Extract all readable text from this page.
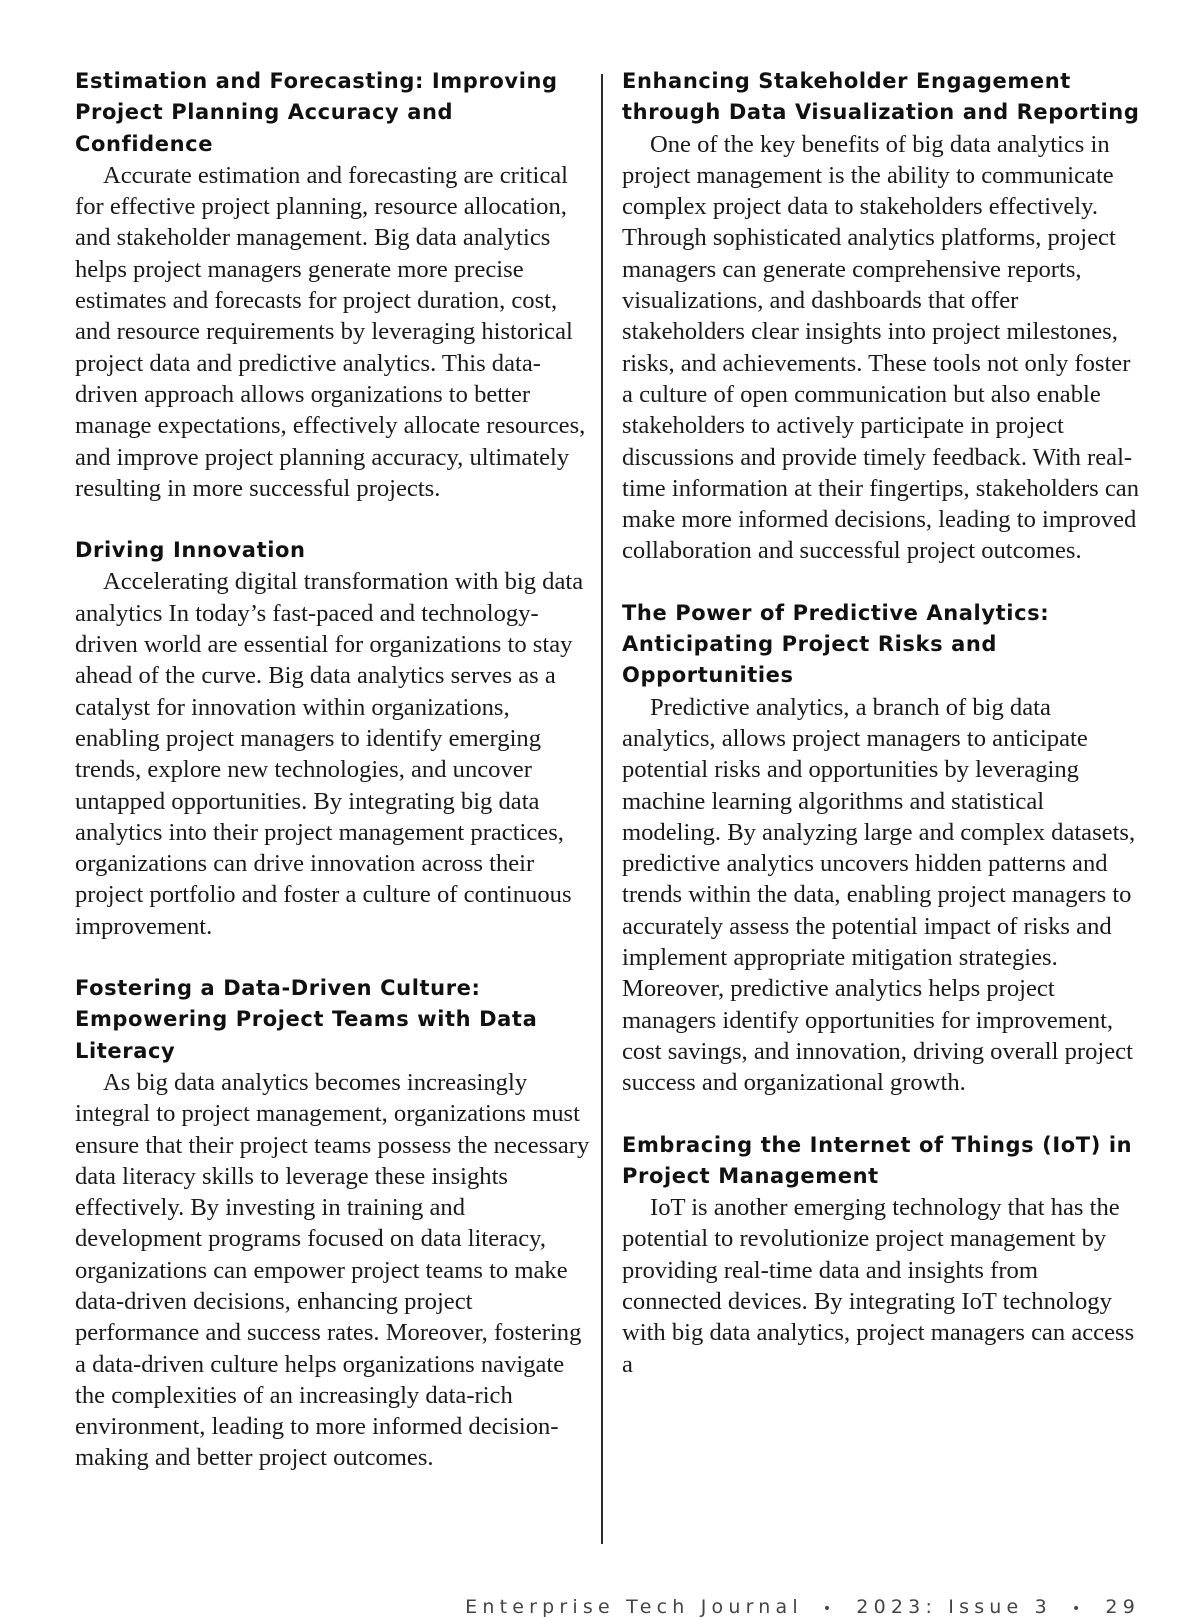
Estimation and Forecasting: Improving Project Planning Accuracy and Confidence

Accurate estimation and forecasting are critical for effective project planning, resource allocation, and stakeholder management. Big data analytics helps project managers generate more precise estimates and forecasts for project duration, cost, and resource requirements by leveraging historical project data and predictive analytics. This data-driven approach allows organizations to better manage expectations, effectively allocate resources, and improve project planning accuracy, ultimately resulting in more successful projects.

Driving Innovation

Accelerating digital transformation with big data analytics In today’s fast-paced and technology-driven world are essential for organizations to stay ahead of the curve. Big data analytics serves as a catalyst for innovation within organizations, enabling project managers to identify emerging trends, explore new technologies, and uncover untapped opportunities. By integrating big data analytics into their project management practices, organizations can drive innovation across their project portfolio and foster a culture of continuous improvement.

Fostering a Data-Driven Culture: Empowering Project Teams with Data Literacy

As big data analytics becomes increasingly integral to project management, organizations must ensure that their project teams possess the necessary data literacy skills to leverage these insights effectively. By investing in training and development programs focused on data literacy, organizations can empower project teams to make data-driven decisions, enhancing project performance and success rates. Moreover, fostering a data-driven culture helps organizations navigate the complexities of an increasingly data-rich environment, leading to more informed decision-making and better project outcomes.

Enhancing Stakeholder Engagement through Data Visualization and Reporting

One of the key benefits of big data analytics in project management is the ability to communicate complex project data to stakeholders effectively. Through sophisticated analytics platforms, project managers can generate comprehensive reports, visualizations, and dashboards that offer stakeholders clear insights into project milestones, risks, and achievements. These tools not only foster a culture of open communication but also enable stakeholders to actively participate in project discussions and provide timely feedback. With real-time information at their fingertips, stakeholders can make more informed decisions, leading to improved collaboration and successful project outcomes.

The Power of Predictive Analytics: Anticipating Project Risks and Opportunities

Predictive analytics, a branch of big data analytics, allows project managers to anticipate potential risks and opportunities by leveraging machine learning algorithms and statistical modeling. By analyzing large and complex datasets, predictive analytics uncovers hidden patterns and trends within the data, enabling project managers to accurately assess the potential impact of risks and implement appropriate mitigation strategies. Moreover, predictive analytics helps project managers identify opportunities for improvement, cost savings, and innovation, driving overall project success and organizational growth.

Embracing the Internet of Things (IoT) in Project Management

IoT is another emerging technology that has the potential to revolutionize project management by providing real-time data and insights from connected devices. By integrating IoT technology with big data analytics, project managers can access a

Enterprise Tech Journal • 2023: Issue 3 • 29
